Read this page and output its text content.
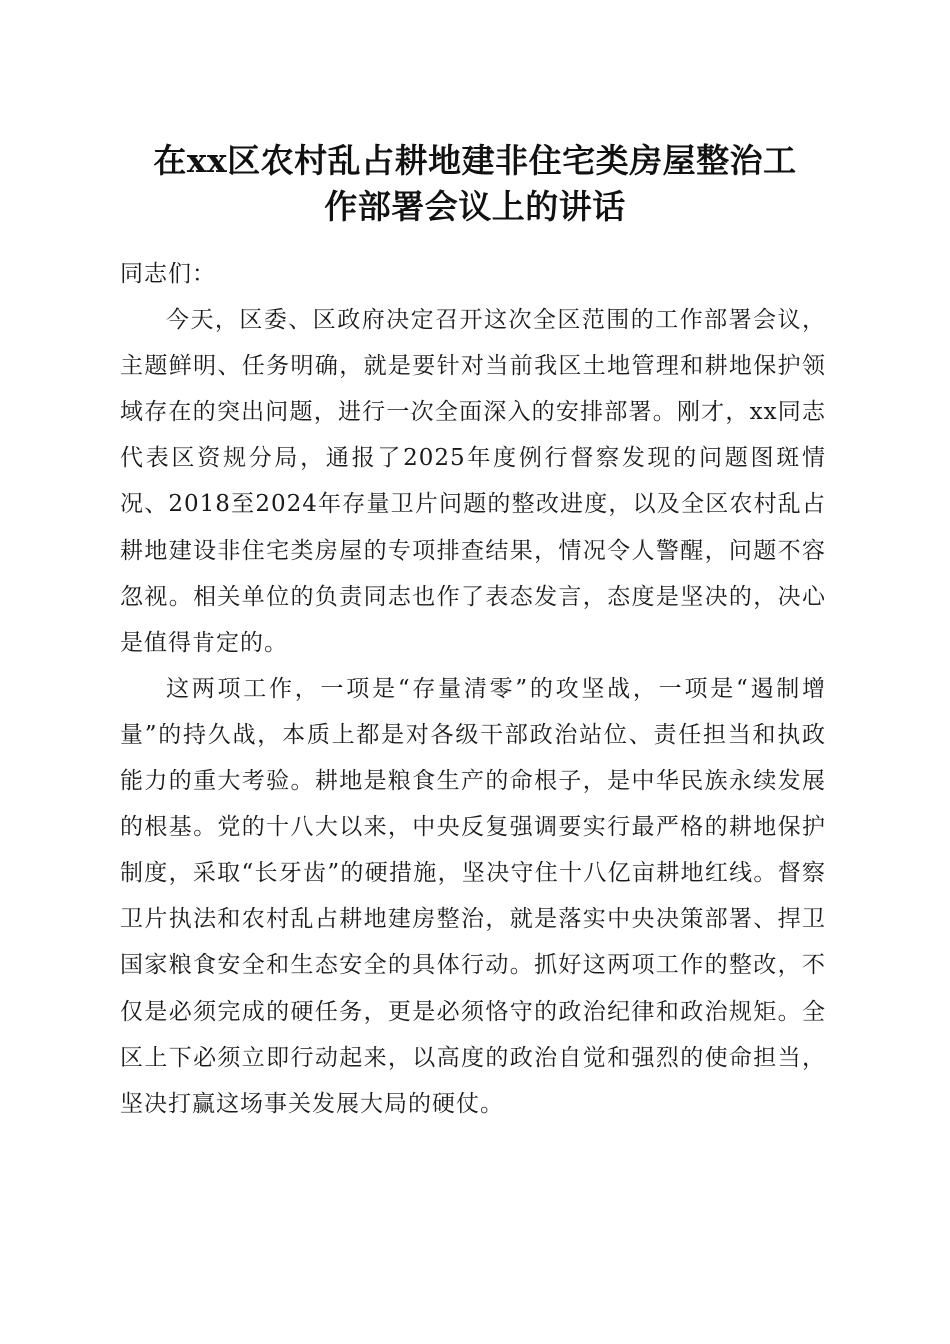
在xx区农村乱占耕地建非住宅类房屋整治工
作部署会议上的讲话

同志们：

今天，区委、区政府决定召开这次全区范围的工作部署会议，主题鲜明、任务明确，就是要针对当前我区土地管理和耕地保护领域存在的突出问题，进行一次全面深入的安排部署。刚才，xx同志代表区资规分局，通报了2025年度例行督察发现的问题图斑情况、2018至2024年存量卫片问题的整改进度，以及全区农村乱占耕地建设非住宅类房屋的专项排查结果，情况令人警醒，问题不容忽视。相关单位的负责同志也作了表态发言，态度是坚决的，决心是值得肯定的。

这两项工作，一项是“存量清零”的攻坚战，一项是“遏制增量”的持久战，本质上都是对各级干部政治站位、责任担当和执政能力的重大考验。耕地是粮食生产的命根子，是中华民族永续发展的根基。党的十八大以来，中央反复强调要实行最严格的耕地保护制度，采取“长牙齿”的硬措施，坚决守住十八亿亩耕地红线。督察卫片执法和农村乱占耕地建房整治，就是落实中央决策部署、捍卫国家粮食安全和生态安全的具体行动。抓好这两项工作的整改，不仅是必须完成的硬任务，更是必须恪守的政治纪律和政治规矩。全区上下必须立即行动起来，以高度的政治自觉和强烈的使命担当，坚决打赢这场事关发展大局的硬仗。
